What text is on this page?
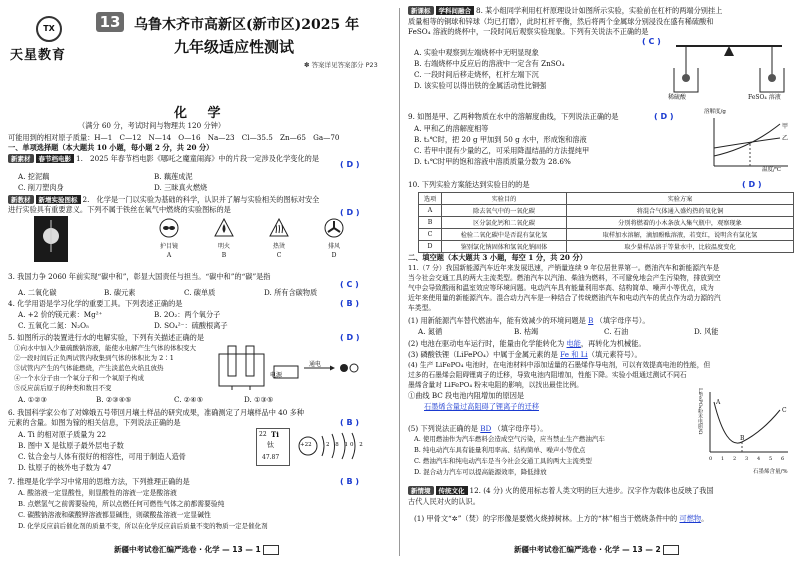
TX
天星教育
13 乌鲁木齐市高新区(新市区)2025 年
九年级适应性测试
✽ 答案详见答案部分 P23
化 学
（满分 60 分，考试时间与物理共 120 分钟）
可能用到的相对原子质量：H—1　C—12　N—14　O—16　Na—23　Cl—35.5　Zn—65　Ga—70
一、单项选择题（本大题共 10 小题，每小题 2 分，共 20 分）
新素材 春节档电影 1.　2025 年春节档电影《哪吒之魔童闹海》中的片段一定涉及化学变化的是
( D )
A. 挖泥藕	B. 藕莲成泥
C. 削刀塑肉身	D. 三昧真火燃烧
新教材 新增实验图标 2.　化学是一门以实验为基础的科学，认识并了解与实验相关的图标对安全
进行实验具有重要意义。下列不属于铁丝在氧气中燃烧的实验图标的是	( D )
护目镜
A
明火
B
热烫
C
排风
D
3. 我国力争 2060 年前实现“碳中和”，彰显大国责任与担当。“碳中和”的“碳”是指
( C )
A. 二氧化碳	B. 碳元素	C. 碳单质	D. 所有含碳物质
4. 化学用语是学习化学的重要工具。下列表述正确的是	( B )
A. +2 价的镁元素：Mg²⁺	B. 2O₂：两个氧分子
C. 五氧化二氮：N₂O₅	D. SO₄²⁻：硫酸根离子
5. 如图所示的装置进行水的电解实验，下列有关描述正确的是	( D )
①向水中加入少量硫酸钠溶液，能使水电解产生气体的体积变大
②一段时间后正负两试管内收集到气体的体积比为 2∶1
③试管内产生的气体能燃烧，产生淡蓝色火焰且放热
④一个水分子由一个氧分子和一个氧原子构成
⑤反应前后原子的种类和数目不变
A. ①②③	B. ②③④⑤	C. ②④⑤	D. ①③⑤
电源
通电
6. 我国科学家公布了对嫦娥五号带回月壤土样品的研究成果，准确测定了月壤样品中 40 多种
元素的含量。如图为镓的相关信息，下列说法正确的是	( B )
A. Ti 的相对原子质量为 22
B. 图中 X 是钛原子最外层电子数
C. 钛合金与人体有很好的相容性，可用于制造人造骨
D. 钛原子的核外电子数为 47
22 Ti
钛
47.87
+22	2 8 10 2
7. 推理是化学学习中常用的思维方法，下列推理正确的是	( B )
A. 酸溶液一定显酸性，则显酸性的溶液一定是酸溶液
B. 点燃氢气之前需要验纯，所以点燃任何可燃性气体之前都需要验纯
C. 碳酸钠溶液和碳酸钾溶液都显碱性，则碳酸盐溶液一定显碱性
D. 化学反应前后催化剂的质量不变，所以在化学反应前后质量不变的物质一定是催化剂
新疆中考试卷汇编严选卷 · 化学 — 13 — 1
新课标 学科间融合 8. 某小组同学利用杠杆原理设计如图所示实验，实验前在杠杆的两端分别挂上
质量相等的铜球和锌球（均已打磨），此时杠杆平衡，然后将两个金属球分别浸没在盛有稀硫酸和
FeSO₄ 溶液的烧杯中，一段时间后观察实验现象。下列有关说法不正确的是
( C )
A. 实验中观察到左端烧杯中无明显现象
B. 右端烧杯中反应后的溶液中一定含有 ZnSO₄
C. 一段时间后移走烧杯，杠杆左端下沉
D. 该实验可以得出铁的金属活动性比铜强
稀硫酸	FeSO₄ 溶液
9. 如图是甲、乙两种物质在水中的溶解度曲线，下列说法正确的是	( D )
A. 甲和乙的溶解度相等
B. t₂℃时，把 20 g 甲加到 50 g 水中，形成饱和溶液
C. 若甲中混有少量的乙，可采用降温结晶的方法提纯甲
D. t₁℃时甲的饱和溶液中溶质质量分数为 28.6%
溶解度/g
温度/℃
甲
乙
10. 下列实验方案能达到实验目的的是	( D )
选项	实验目的	实验方案
A	除去氧气中的一氧化碳	将混合气体通入盛灼热的氧化铜
B	区分氯化钙和二氧化碳	分别将燃着的小木条放入集气瓶中，观察现象
C	检验二氧化碳中是否混有氯化氢	取样加水溶解，滴加酚酞溶液，若变红，说明含有氯化氢
D	鉴别氯化钠固体和氢氧化钠固体	取少量样品溶于等量水中，比较温度变化
二、填空题（本大题共 3 小题，每空 1 分，共 20 分）
11.（7 分）我国新能源汽车近年来发展迅速，产销量连续 9 年位居世界第一。燃油汽车和新能源汽车是
当今社会交通工具的两大主流类型。燃油汽车以汽油、柴油为燃料，不可避免地会产生污染物，排放到空
气中会导致酸雨和温室效应等环境问题。电动汽车具有能量利用率高、结构简单、噪声小等优点，成为
近年来使用量的新能源汽车。混合动力汽车是一种结合了传统燃油汽车和电动汽车的优点作为动力源的汽
车类型。
(1) 用新能源汽车替代燃油车，能有效减少的环境问题是 B （填字母序号）。
A. 氮循	B. 枯竭	C. 石油	D. 风能
(2) 电池在驱动电车运行时，能量由化学能转化为 电能，再转化为机械能。
(3) 磷酸铁锂（LiFePO₄）中属于金属元素的是 Fe 和 Li（填元素符号）。
(4) 生产 LiFePO₄ 电池时，在电池材料中添加适量的石墨烯作导电剂，可以有效提高电池的性能，但
过多的石墨烯会阻碍锂离子的迁移，导致电池内阻增加，性能下降。实验小组通过测试不同石
墨烯含量对 LiFePO₄ 粉末电阻的影响，以找出最佳比例。
①曲线 BC 段电池内阻增加的原因是
石墨烯含量过高阻碍了锂离子的迁移
(5) 下列说法正确的是 BD （填字母序号）。
A. 使用燃油作为汽车燃料会造成空气污染，应当禁止生产燃油汽车
B. 纯电动汽车具有能量利用率高、结构简单、噪声小等优点
C. 燃油汽车和纯电动汽车是当今社会交通工具的两大主流类型
D. 混合动力汽车可以提高能源效率，降低排放
LiFePO₄粉末电阻/Ω
石墨烯含量/%
A
B
C
0 1 2 3 4 5 6
新情境 传统文化 12. (4 分) 火的使用标志着人类文明的巨大进步。汉字作为载体也反映了我国
古代人民对火的认识。
(1) 甲骨文“✲”（焚）的字形像是要燃火烧掉树林。上方的“林”相当于燃烧条件中的 可燃物。
新疆中考试卷汇编严选卷 · 化学 — 13 — 2
